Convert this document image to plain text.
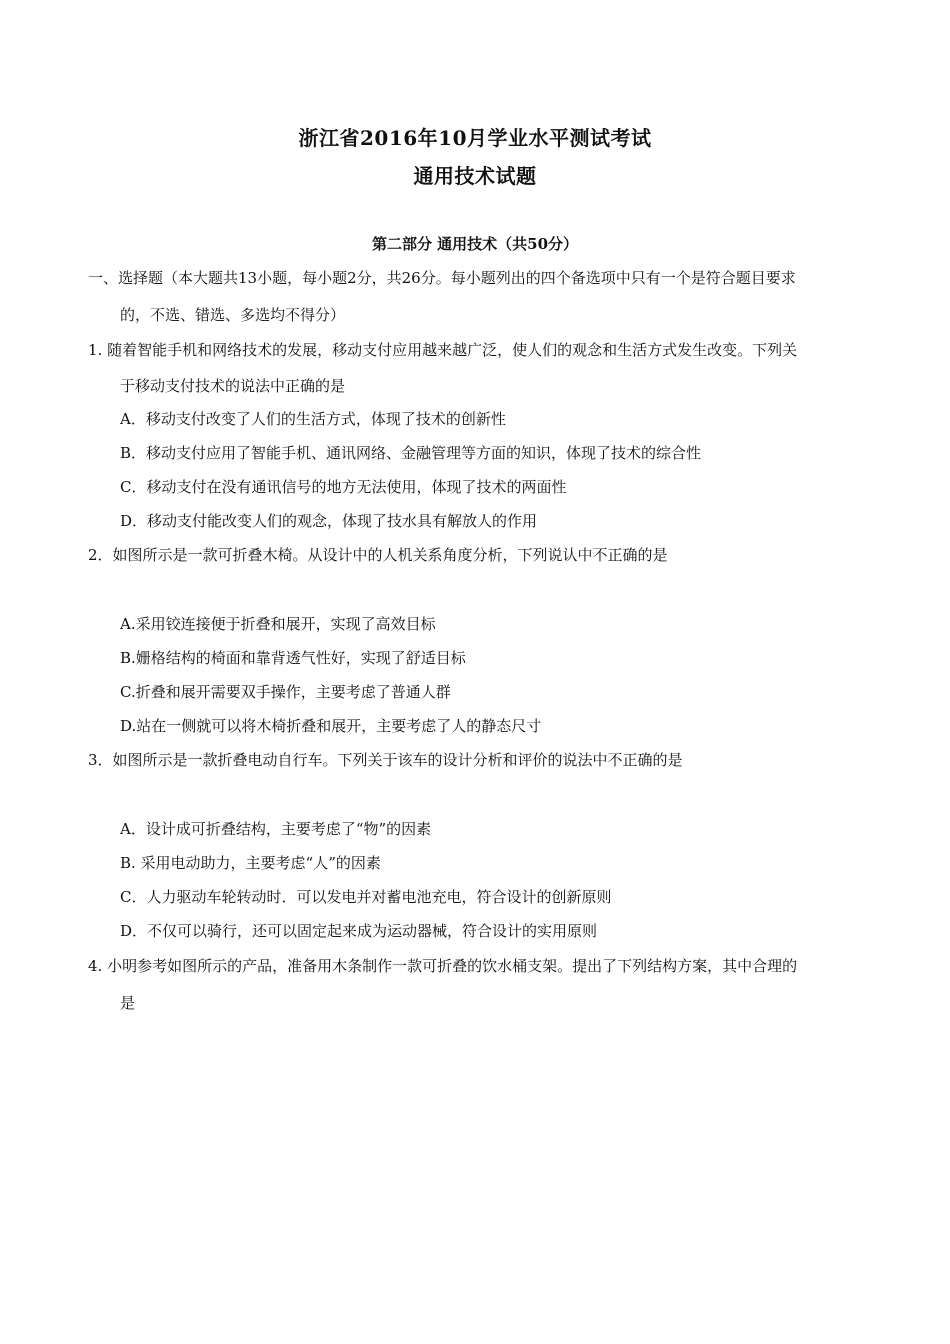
浙江省2016年10月学业水平测试考试
通用技术试题
第二部分 通用技术（共50分）
一、选择题（本大题共13小题，每小题2分，共26分。每小题列出的四个备选项中只有一个是符合题目要求
的，不选、错选、多选均不得分）
1. 随着智能手机和网络技术的发展，移动支付应用越来越广泛，使人们的观念和生活方式发生改变。下列关
于移动支付技术的说法中正确的是
A．移动支付改变了人们的生活方式，体现了技术的创新性
B．移动支付应用了智能手机、通讯网络、金融管理等方面的知识，体现了技术的综合性
C．移动支付在没有通讯信号的地方无法使用，体现了技术的两面性
D．移动支付能改变人们的观念，体现了技水具有解放人的作用
2．如图所示是一款可折叠木椅。从设计中的人机关系角度分析，下列说认中不正确的是
A.采用铰连接便于折叠和展开，实现了高效目标
B.姗格结构的椅面和靠背透气性好，实现了舒适目标
C.折叠和展开需要双手操作，主要考虑了普通人群
D.站在一侧就可以将木椅折叠和展开，主要考虑了人的静态尺寸
3．如图所示是一款折叠电动自行车。下列关于该车的设计分析和评价的说法中不正确的是
A．设计成可折叠结构，主要考虑了“物”的因素
B. 采用电动助力，主要考虑“人”的因素
C．人力驱动车轮转动时．可以发电并对蓄电池充电，符合设计的创新原则
D．不仅可以骑行，还可以固定起来成为运动器械，符合设计的实用原则
4. 小明参考如图所示的产品，准备用木条制作一款可折叠的饮水桶支架。提出了下列结构方案，其中合理的
是
